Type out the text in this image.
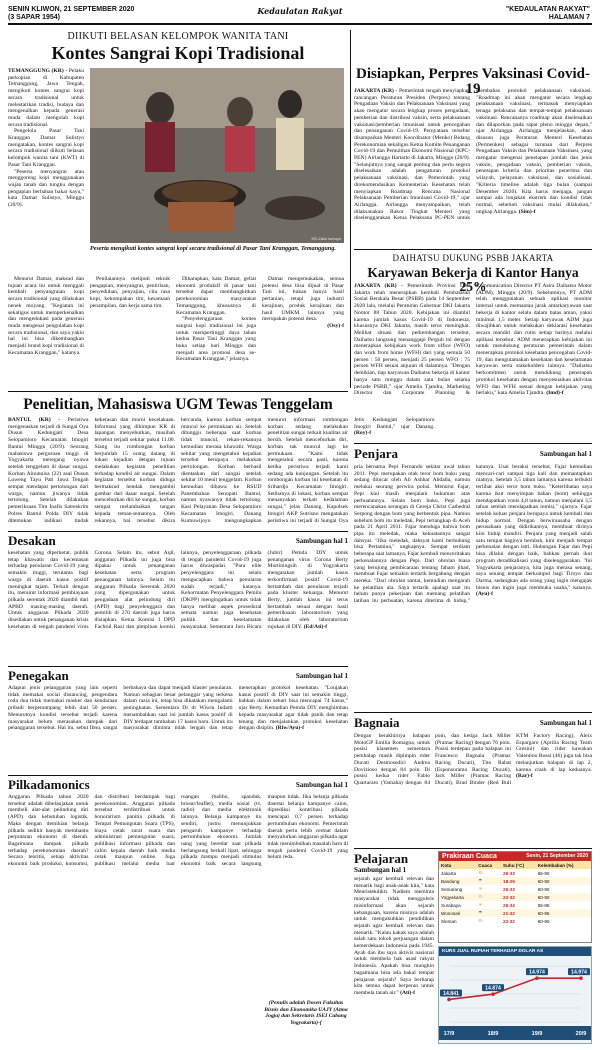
SENIN KLIWON, 21 SEPTEMBER 2020
(3 SAPAR 1954)
Kedaulatan Rakyat	"KEDAULATAN RAKYAT"
HALAMAN 7
DIIKUTI BELASAN KELOMPOK WANITA TANI
Kontes Sangrai Kopi Tradisional

TEMANGGUNG (KR) - Pelaku perkopian di Kabupaten Temanggung, Jawa Tengah, mengikuti kontes sangrai kopi secara tradisional untuk melestarikan tradisi, budaya dan mengenalkan kepada generasi muda dalam mengolah kopi secara tradisional.

Pengelola Pasar Tani Kranggan Damar Sulistyo mengatakan, kontes sangrai kopi secara tradisional diikuti belasan kelompok wanita tani (KWT) di Pasar Tani Kranggan.

"Peserta menyangrai atau menggoreng kopi menggunakan wajan tanah dan tungku dengan pengapian berbahan bakar kayu," kata Damar Sulistyo, Minggu (20/9).

KR-Zaini Ismoyo
Peserta mengikuti kontes sangrai kopi secara tradisional di Pasar Tani Kranggan, Temanggung.

Menurut Damar, maksud dan tujuan acara ini untuk menggali kembali penyangraian kopi secara tradisional yang dilakukan nenek moyang. "Kegiatan ini sekaligus untuk memperkenalkan dan mengedukasi pada generasi muda mengenai pengolahan kopi secara tradisional, dan saya yakin hal ini bisa dikembangkan menjadi brand kopi tradisional di Kecamatan Kranggan," katanya.

Penilaiannya meliputi teknik pengapian, menyangrai, pentirisan, penyeduhan, penyajian, cita rasa kopi, kekompakan tim, kesamaan penampilan, dan kerja sama tim.

Diharapkan, kata Damar, geliat ekonomi produktif di pasar tani tersebut dapat membangkitkan perekonomian masyarakat Temanggung, khususnya di Kecamatan Kranggan.

"Penyelenggaraan kontes sangrai kopi tradisional ini juga untuk mempertinggi daya tahan kedua Pasar Tani Kranggan yang buka setiap hari Minggu dan menjadi area promosi desa se-Kecamatan Kranggan," jelasnya.

Damar mengemukakan, semua potensi desa bisa dijual di Pasar Tani ini, bukan hanya hasil pertanian, tetapi juga industri kerajinan, produk kerajinan dan hasil UMKM lainnya yang merupakan potensi desa.

(Osy)-f

Disiapkan, Perpres Vaksinasi Covid-19

JAKARTA (KR) - Pemerintah tengah menyiapkan rancangan Peraturan Presiden (Perpres) tentang Pengadaan Vaksin dan Pelaksanaan Vaksinasi yang akan mengatur secara lengkap proses pengadaan, pemberian dan distribusi vaksin, serta pelaksanaan vaksinasi/pemberian imunisasi untuk pencegahan dan penanganan Covid-19. Pernyataan tersebut disampaikan Menteri Koordinator (Menko) Bidang Perekonomian sekaligus Ketua Komite Penanganan Covid-19 dan Pemulihan Ekonomi Nasional (KPC-PEN) Airlangga Hartarto di Jakarta, Minggu (20/9). "Selanjutnya yang sangat penting dan perlu segera diselesaikan adalah pengaturan protokol pelaksanaan vaksinasi, dan Pemerintah yang direkomendasikan Kementerian Kesehatan telah menyiapkan Roadmap Rencana Nasional Pelaksanaan Pemberian Imunisasi Covid-19," ujar Airlangga. Airlangga menyampaikan, telah dilaksanakan Rakor Tingkat Menteri yang diselenggarakan Ketua Pelaksana PC-PEN untuk membahas protokol pelaksanaan vaksinasi. "Roadmap ini akan mengatur secara lengkap pelaksanaan vaksinasi, termasuk menyiapkan tenaga pelaksana dan tempat-tempat pelaksanaan vaksinasi. Rencananya roadmap akan diselesaikan dan dilaporkan pada rapat pleno minggu depan," ujar Airlangga. Airlangga menjelaskan, akan disusun juga Peraturan Menteri Kesehatan (Permenkes) sebagai turunan dari Perpres Pengadaan Vaksin dan Pelaksanaan Vaksinasi, yang mengatur mengenai penetapan jumlah dan jenis vaksin, pengadaan vaksin, pemberian vaksin, penetapan kriteria dan prioritas penerima dan wilayah, pelayanan vaksinasi, dan sosialisasi. "Kriteria timeline adalah tiga bulan (sampai Desember 2020). Kita harus menjaga, jangan sampai ada lonjakan ekstrem dan kondisi tidak normal, sebelum vaksinasi mulai dilakukan," ungkap Airlangga. (Sim)-f

DAIHATSU DUKUNG PSBB JAKARTA
Karyawan Bekerja di Kantor Hanya 25%

JAKARTA (KR) - Pemerintah Provinsi DKI Jakarta telah menerapkan kembali Pembatasan Sosial Berskala Besar (PSBB) pada 14 September 2020 lalu, melalui Peraturan Gubernur DKI Jakarta Nomor 88 Tahun 2020. Kebijakan ini diambil karena jumlah kasus Covid-19 di Indonesia, khususnya DKI Jakarta, masih terus meningkat. Melihat situasi dan perkembangan tersebut, Daihatsu langsung menanggapi Pergub ini dengan menerapkan kebijakan work from office (WFO) dan work from home (WFH) dari yang semula 50 persen : 50 persen, menjadi 25 persen WFO : 75 persen WFH sesuai anjuran di dalamnya. "Dengan demikian, tiap karyawan Daihatsu bekerja di kantor hanya satu minggu dalam satu bulan selama periode PSBB," ujar Amelia Tjandra, Marketing Director dan Corporate Planning & Communication Director PT Astra Daihatsu Motor (ADM), Minggu (20/9). Sebelumnya, PT ADM telah menggunakan sebuah aplikasi monitor internal untuk memantau jarak antarkaryawan saat bekerja di kantor selalu dalam batas aman, yakni minimal 1,5 meter. Setiap karyawan ADM juga diwajibkan untuk melakukan deklarasi kesehatan secara mandiri dan rutin setiap harinya melalui aplikasi tersebut. ADM menerapkan kebijakan ini untuk mendukung peraturan pemerintah dalam menerapkan protokol kesehatan pencegahan Covid-19, dan mengutamakan kesehatan dan keselamatan karyawan serta stakeholders lainnya. "Daihatsu berkomitmen untuk mendukung penerapan protokol kesehatan dengan menyesuaikan aktivitas WFO dan WFH sesuai dengan kebijakan yang berlaku," kata Amelia Tjandra. (Imd)-f

Penelitian, Mahasiswa UGM Tewas Tenggelam

BANTUL (KR) - Peristiwa mengenaskan terjadi di Sungai Oya Dusun Kedungjati Desa Selopamioro Kecamatan Imogiri Bantul Minggu (20/9). Seorang mahasiswa perguruan tinggi di Yogyakarta meregang nyawa setelah tenggelam di dasar sungai. Korban Ainunnisa (22) asal Dusun Luweng Tayu Pati Jawa Tengah sempat mendapat pertolongan dari warga, namun jiwanya tidak tertolong. Setelah dilakukan pemeriksaan Tim Inafis Satreskrim Polres Bantul Polda DIY tidak ditemukan indikasi tindak kekerasan dan murni kecelakaan. Informasi yang dihimpun KR di lapangan menyebutkan, musibah tersebut terjadi sekitar pukul 11.00. Siang itu rombongan korban berjumlah 15 orang datang di lokasi kejadian dengan tujuan melakukan kegiatan penelitian terhadap kondisi air sungai. Dalam kegiatan tersebut korban diduga bermaksud hendak mengambil gambar dari dasar sungai. Setelah menceburkan diri ke sungai, korban sempat melambaikan tangan kepada teman-temannya. Oleh rekannya, hal tersebut dikira bercanda, karena korban sempat muncul ke permukaan air. Setelah ditunggu beberapa saat korban tidak muncul, rekan-rekannya kemudian merasa khawatir. Warga sekitar yang mengetahui kejadian tersebut berupaya melakukan pertolongan. Korban berhasil dientaskan dari sungai setelah sekitar 10 menit tenggelam. Korban kemudian dibawa ke RSUD Panembahan Senopati Bantul, namun nyawanya tidak tertolong. Kasi Pelayanan Desa Selopamioro Kecamatan Imogiri, Danang Kumuwijoyo mengungkapkan menurut informasi rombongan korban sedang melakukan penelitian sungai terkait kualitas air bersih. Setelah menceburkan diri, korban tak muncul lagi ke permukaan. "Kami tidak mengetahui secara pasti, karena ketika peristiwa terjadi kami sedang ada kunjungan. Setelah itu rombongan korban ini kesehatan di Srihardjo Kecamatan Imogiri. Setibanya di lokasi, korban sempat menanyakan terkait kedalaman sungai," jelas Danang. Kapolsek Imogiri AKP Sutrisno mengatakan peristiwa ini terjadi di Sungai Oya Jetis Kedungjati Selopamioro Imogiri Bantul," ujar Danang. (Roy)-f

Penjara	Sambungan hal 1

pria bernama Pepi Fernando sekitar awal tahun 2011. Pepi merupakan otak teror bom buku yang sedang diincar oleh Ali Ashhar Abdalla, namun melukai seorang perwira polisi. Menurut Fajar, Pepi kini masih menjalani hukuman atas perbuatannya. Selain bom buku, Pepi juga merencanakan serangan di Gereja Christ Cathedral Serpong dengan bom yang berbentuk pipa. Namun sebelum bom itu meledak, Pepi tertangkap di Aceh pada 21 April 2011. Fajar menduga bahwa bom pipa itu meledak, maka kekuatannya sangat dahsyat. "Jika meledak, dahsyat kami berhubung bisa Pertamina," ungkapnya. Sempat terdiam beberapa saat lamanya, Fajar kembali menceritakan perkenalannya dengan Pepi. Dari obrolan biasa yang berujung pembicaraan tentang faham jihad, membuat Fajar semakin tertarik bergabung dengan mereka. "Dari obrolan santai, kemudian mengarah ke pelatihan ala. Saya tertarik apalagi saat itu belum punya pekerjaan dan memang pelatihan latihan itu perbuatan, karena diterima di hidup," katanya. Usai beraksi tersebut, Fajar kemudian mencari-cari sampai tiga kali dan memantapkan niatnya. Setelah 3,5 tahun lamanya karena terbukti terlibat aksi teror bom buku. "Keterlibatan saya karena ikut menyimpan bahan (bom) sehingga mendapatkan vonis 4,8 tahun, namun menjalani 3,5 tahun setelah mendapatkan remisi," ujarnya. Fajar setelah keluar penjara berupaya untuk kembali dan hidup normal. Dengan berwirausaha dengan perusahaan yang didirikannya, membuat dirinya kini hidup mandiri. Penjara yang menjadi salah satu tempat baginya berubah, kini menjadi tempat perkenalan dengan istri. Hubungan Fajar dan Pepi bisa dilalui dengan baik, bahkan pernah ikut program deradikalisasi yang diselenggarakan. "Ini Yogyakarta penjaranya, kita juga merasa senang, saya senang tempat berkumpul bagi Tiroyo dan Darma, sedangkan ada orang yang ingin mengajak bisnis dan ingin juga membuka usaha," katanya. (Ayu)-f

Desakan	Sambungan hal 1

kesehatan yang diperketat, publik tetap khawatir dan kecemasan terhadap penularan Covid-19 yang semakin tinggi, terutama bagi warga di daerah kasus positif meningkat tajam. Terkait dengan itu, menurut informasi pembiayaan pilkada serentak 2020 diambil dari APBD masing-masing daerah. Untuk anggaran Pilkada 2020 disediakan untuk penanganan krisis kesehatan di tengah pandemi virus Corona. Selain itu, sebut Aqil, anggaran Pilkada ini juga bisa dipakai untuk penanganan kesehatan serta program penanganan lainnya. Selain itu anggaran Pilkada Serentak 2020 yang dipergunakan untuk pengadaan alat pelindung diri (APD) bagi penyelenggara dan pemilih di 270 daerah juga harus disiapkan. Ketua Komisi I DPD Fachrul Razi dan pimpinan komisi lainnya, penyelenggaraan pilkada di tengah pandemi Covid-19 juga harus diwaspadai. "Para elite penyelenggara ini selalu mengucapkan bahwa penularan sudah terjadi," katanya. Kehormatan Penyelenggara Pemilu (DKPP) mengingatkan untuk tidak hanya melihat aspek prosedural semata namun juga kesehatan publik dan keselamatan masyarakat. Sementara Juru Bicara (Jubir) Pemda DIY untuk penanganan virus Corona Berty Murtiningsih di Yogyakarta mengatakan jumlah kasus terkonfirmasi positif Covid-19 bertambah dan penularan terjadi pada kluster keluarga. Menurut Berty, jumlah kasus ini terus bertambah sesuai dengan hasil pemeriksaan laboratorium yang dilakukan oleh laboratorium rujukan di DIY. (Ed/Ati)-f

Penegakan	Sambungan hal 1

Adapun jenis pelanggaran yang lain seperti tidak memakai social distancing, pengendara roda dua tidak memakai masker dan kendaraan pribadi berpenumpang lebih dari 50 persen. Menurutnya kondisi tersebut terjadi karena masyarakat belum merasakan dampak dari pelanggaran tersebut. Hal itu, sebut Ibnu, sangat berbahaya dan dapat menjadi klaster penularan. Namun sebagian besar pelanggar yang terkena dalam razia ini, tetap bisa dikatakan mengalami peningkatan. Sementara Dr dr Wiwin Indarti menambahkan saat ini jumlah kasus positif di DIY terdapat tambahan 17 kasus baru. Untuk itu masyarakat diminta tidak lengah dan tetap menerapkan protokol kesehatan. "Lonjakan kasus positif di DIY saat ini semakin tinggi, bahkan dalam sehari bisa mencapai 74 kasus," ujar Berty. Kemudian Pemda DIY menghimbau kepada masyarakat agar tidak panik dan tetap tenang dan menjalankan protokol kesehatan dengan disiplin. (Riw/Ayu)-f	Bagnaia	Sambungan hal 1

Dengan berakhirnya balapan MotoGP Emilia Romagna, untuk posisi klasemen sementara pembalap masih dipimpin rider Ducati Desmosedici Andrea Dovizioso dengan 84 poin. Di posisi kedua rider Fabio Quartararo (Yamaha) dengan 84 poin, dan ketiga Jack Miller (Pramac Racing) dengan 76 poin. Posisi terdepan pada balapan ini Francesco Bagnaia (Pramac Racing Ducati), Tito Rabat (Esponsorama Racing Ducati), Jack Miller (Pramac Racing Ducati), Brad Binder (Red Bull KTM Factory Racing), Aleix Espargaro (Aprilia Racing Team Gresini) dan rider kawakan Valentino Rossi (46) juga tak bisa melanjutkan balapan di lap 2, karena crash di lap keduanya. (Rar)-f

Pilkadamonics	Sambungan hal 1

Anggaran Pilkada tahun 2020 tersebut adalah dibelanjakan untuk membeli alat-alat pelindung diri (APD) dan kebutuhan logistik. Maka dengan demikian belanja pilkada sedikit banyak membantu perputaran ekonomi di daerah. Bagaimana dampak pilkada terhadap perekonomian daerah? Secara teoritis, setiap aktivitas ekonomi baik produksi, konsumsi, dan distribusi berdampak bagi perekonomian. Anggaran pilkada tersebut terdistribusi untuk honorarium panitia pilkada di Tempat Pemungutan Suara (TPS), biaya cetak surat suara dan administrasi pemungutan suara, publikasi informasi pilkada dan calon kepala daerah baik media cetak maupun online. Juga publikasi melalui media luar ruangan (baliho, spanduk, brosur/leaflet), media sosial (tv, radio) dan media elektronik lainnya. Belanja kampanye itu sendiri, justru menunjukkan pengaruh kampanye terhadap pertumbuhan ekonomi. Jumlah uang yang beredar saat pilkada berlangsung berkali lipat, sehingga pilkada mampu menjadi stimulus ekonomi baik secara langsung maupun tidak. Jika belanja pilkada disertai belanja kampanye calon, diprediksi kontribusi pilkada mencapai 0,7 persen terhadap pertumbuhan ekonomi. Pemerintah daerah perlu lebih cermat dalam menyalurkan anggaran pilkada agar tidak menimbulkan masalah baru di tengah pandemi Covid-19 yang belum reda.

(Penulis adalah Dosen Fakultas Bisnis dan Ekonomika UAJY (Atma Jogja) dan Sekretaris ISEI Cabang Yogyakarta)-f
Pelajaran
Sambungan hal 1

sejarah agar kembali relevan dan menarik bagi anak-anak kita," kata Menristekdikti. Nadiem meminta masyarakat tidak menggubris misinformasi akan sejarah kebangsaan, karena misinya adalah untuk mengukuhkan pendidikan sejarah agar kembali relevan dan menarik. "Kalau kakak saya adalah salah satu tokoh perjuangan dalam kemerdekaan Indonesia pada 1945. Ayah dan ibu saya aktivis nasional untuk membela hak asasi rakyat Indonesia. Apakah bisa mungkin bagaimana bisa ada bakal tempat pelajaran sejarah? Saya berharap kita semua dapat berperan untuk membela tanah air." (Ati)-f

Prakiraan Cuaca	Senin, 21 September 2020
Kota	Cuaca	Suhu (°C)	Kelembaban (%)
Jakarta	⛅	26-33	65-90
Bandung	☂	18-29	60-90
Semarang	☀	25-33	60-90
Yogyakarta	⛅	22-32	60-90
Surabaya	☀	25-34	55-85
Wonosari	☂	21-32	60-95
Sleman	⛅	22-32	60-90
KURS JUAL RUPIAH TERHADAP DOLAR AS
14.841
14.874
14.974	14.974
17/9	18/9	19/9	20/9
